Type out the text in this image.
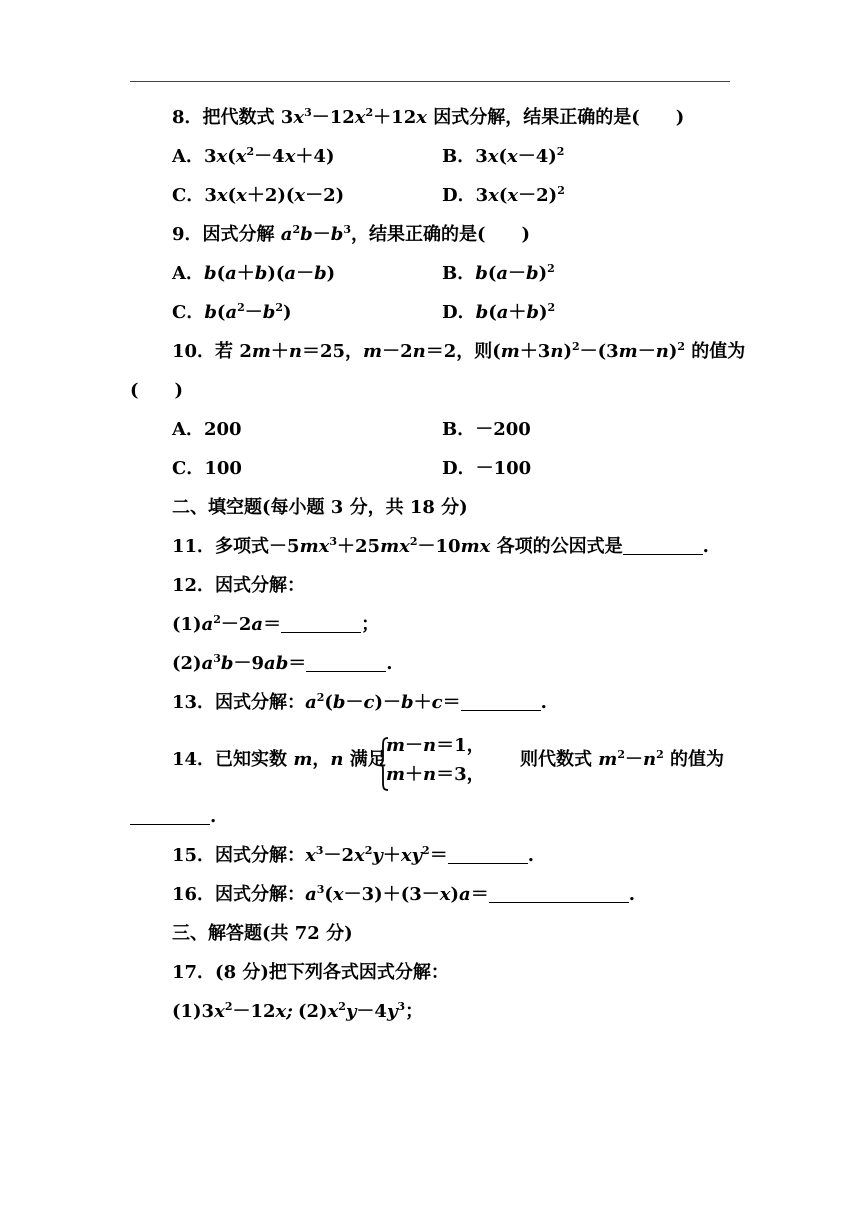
8．把代数式 $3x^3-12x^2+12x$ 因式分解，结果正确的是(　　)
A．$3x(x^2-4x+4)$	B．$3x(x-4)^2$
C．3x(x＋2)(x－2)	D．$3x(x-2)^2$
9．因式分解 $a^2b-b^3$，结果正确的是(　　)
A．b(a＋b)(a－b)	B．$b(a-b)^2$
C．$b(a^2-b^2)$	D．$b(a+b)^2$
10．若 2m＋n＝25，m－2n＝2，则$(m+3n)^2-(3m-n)^2$ 的值为
(　　)
A．200	B．－200
C．100	D．－100
二、填空题(每小题 3 分，共 18 分)
11．多项式$-5mx^3+25mx^2-10mx$ 各项的公因式是	.
12．因式分解：
$(1)a^2-2a=$	；
$(2)a^3b-9ab=$	.
13．因式分解：$a^2(b-c)-b+c=$	.
14．已知实数 m，n 满足
m－n＝1，
m＋n＝3，
则代数式 $m^2-n^2$ 的值为
.
15．因式分解：$x^3-2x^2y+xy^2=$	.
16．因式分解：$a^3(x-3)+(3-x)a=$	.
三、解答题(共 72 分)
17．(8 分)把下列各式因式分解：
$(1)3x^2-12x$; $(2)x^2y-4y^3$；
